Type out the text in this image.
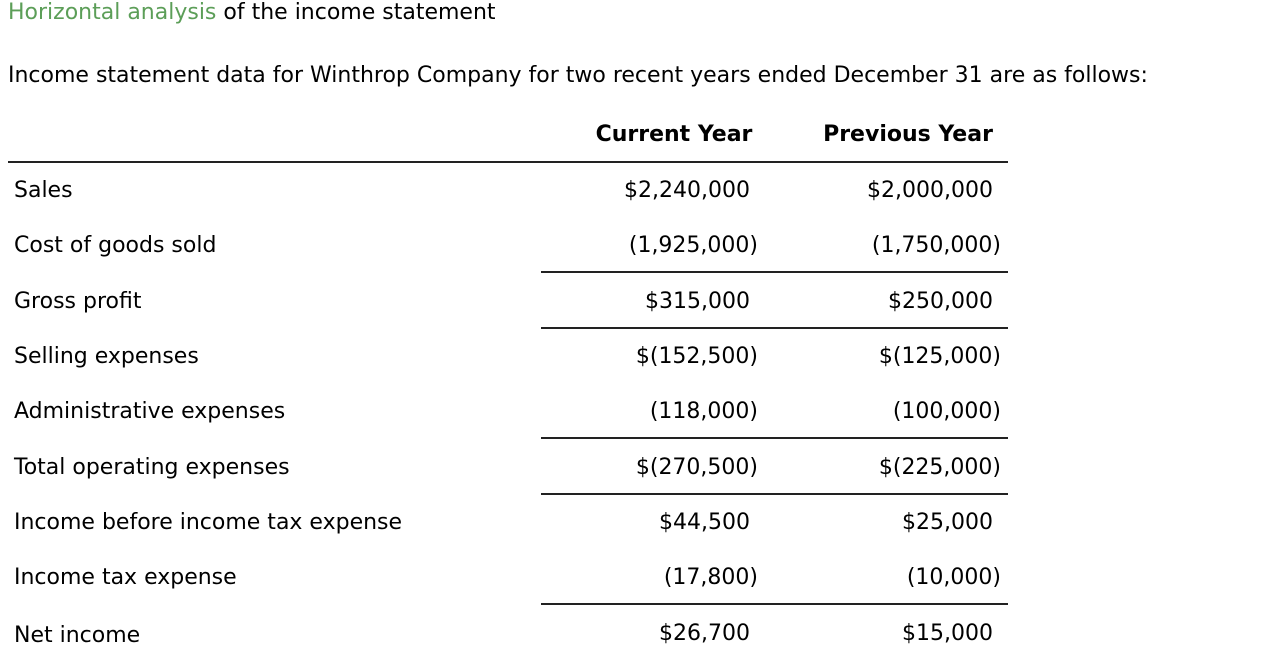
Horizontal analysis of the income statement
Income statement data for Winthrop Company for two recent years ended December 31 are as follows:
Current Year	Previous Year
Sales	$2,240,000	$2,000,000
Cost of goods sold	(1,925,000)	(1,750,000)
Gross profit	$315,000	$250,000
Selling expenses	$(152,500)	$(125,000)
Administrative expenses	(118,000)	(100,000)
Total operating expenses	$(270,500)	$(225,000)
Income before income tax expense	$44,500	$25,000
Income tax expense	(17,800)	(10,000)
Net income	$26,700	$15,000
